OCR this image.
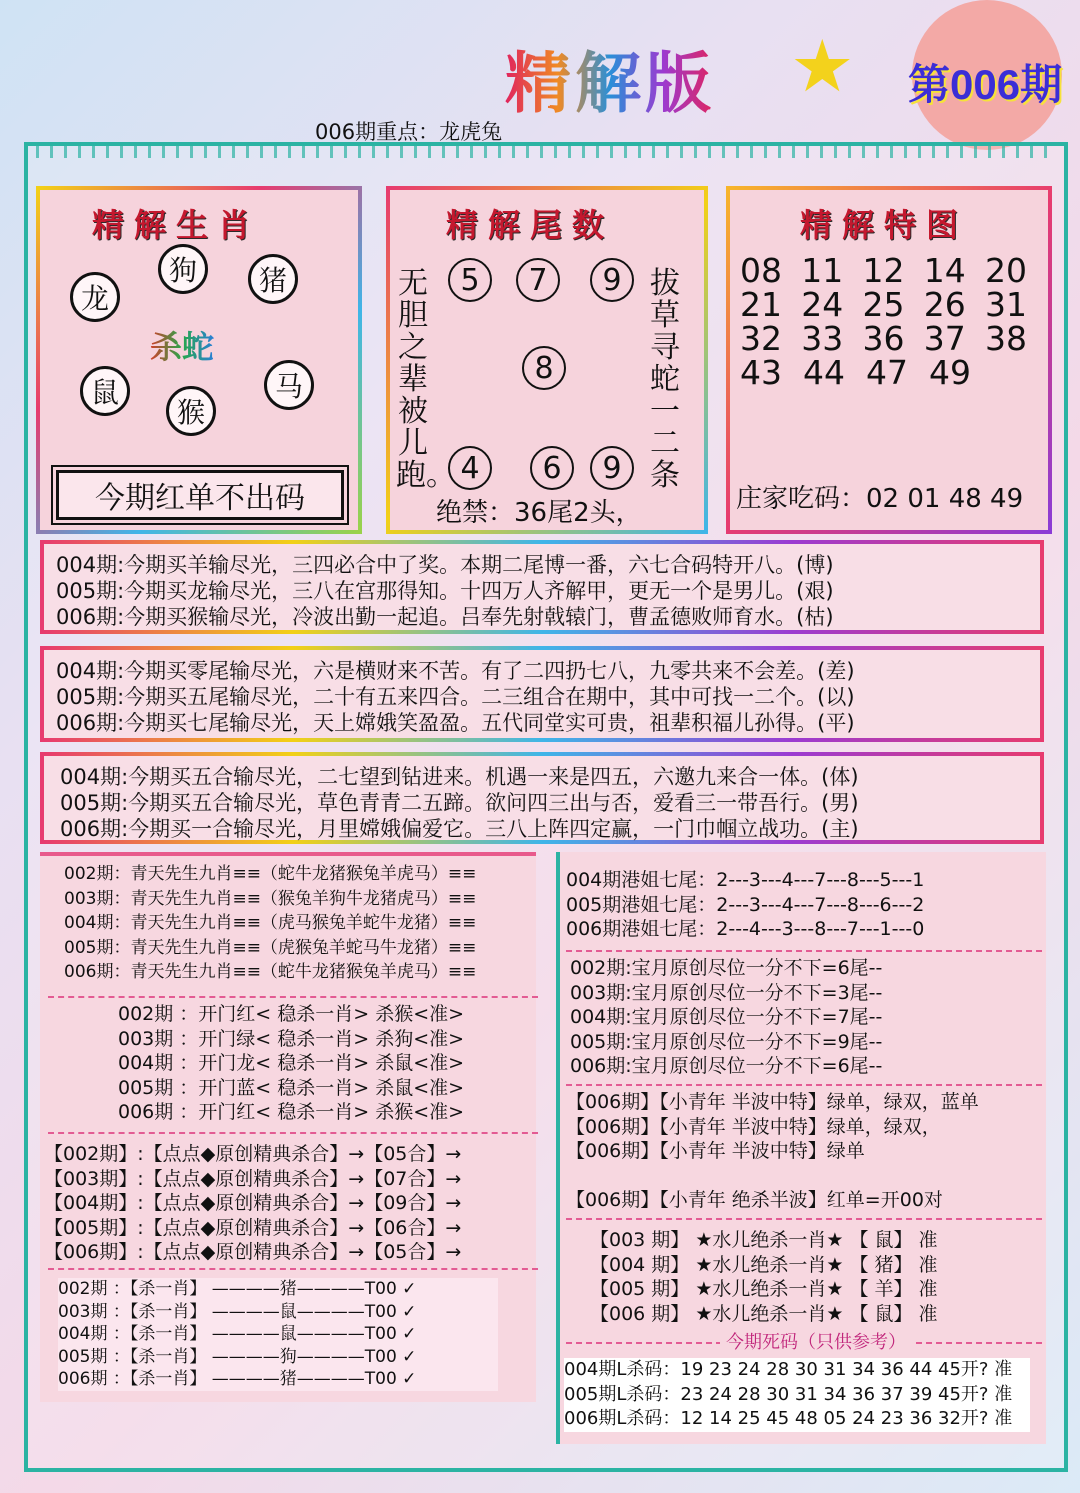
精解版 ★ 第006期
006期重点：龙虎兔
精解生肖
龙
狗	猪
鼠
猴
马
杀蛇
今期红单不出码
精解尾数
无胆之辈被儿跑。
拔草寻蛇一二条
5	7	9
8
4	6	9
绝禁：36尾2头，
精解特图
08 11 12 14 20
21 24 25 26 31
32 33 36 37 38
43 44 47 49
庄家吃码：02 01 48 49
004期:今期买羊输尽光，三四必合中了奖。本期二尾博一番，六七合码特开八。(博)
005期:今期买龙输尽光，三八在宫那得知。十四万人齐解甲，更无一个是男儿。(艰)
006期:今期买猴输尽光，冷波出勤一起追。吕奉先射戟辕门，曹孟德败师育水。(枯)
004期:今期买零尾输尽光，六是横财来不苦。有了二四扔七八，九零共来不会差。(差)
005期:今期买五尾输尽光，二十有五来四合。二三组合在期中，其中可找一二个。(以)
006期:今期买七尾输尽光，天上嫦娥笑盈盈。五代同堂实可贵，祖辈积福儿孙得。(平)
004期:今期买五合输尽光，二七望到钻进来。机遇一来是四五，六邀九来合一体。(体)
005期:今期买五合输尽光，草色青青二五蹄。欲问四三出与否，爱看三一带吾行。(男)
006期:今期买一合输尽光，月里嫦娥偏爱它。三八上阵四定赢，一门巾帼立战功。(主)
002期：青天先生九肖≡≡（蛇牛龙猪猴兔羊虎马）≡≡
003期：青天先生九肖≡≡（猴兔羊狗牛龙猪虎马）≡≡
004期：青天先生九肖≡≡（虎马猴兔羊蛇牛龙猪）≡≡
005期：青天先生九肖≡≡（虎猴兔羊蛇马牛龙猪）≡≡
006期：青天先生九肖≡≡（蛇牛龙猪猴兔羊虎马）≡≡
002期 ：开门红< 稳杀一肖> 杀猴<准>
003期 ：开门绿< 稳杀一肖> 杀狗<准>
004期 ：开门龙< 稳杀一肖> 杀鼠<准>
005期 ：开门蓝< 稳杀一肖> 杀鼠<准>
006期 ：开门红< 稳杀一肖> 杀猴<准>
【002期】:【点点◆原创精典杀合】→【05合】→
【003期】:【点点◆原创精典杀合】→【07合】→
【004期】:【点点◆原创精典杀合】→【09合】→
【005期】:【点点◆原创精典杀合】→【06合】→
【006期】:【点点◆原创精典杀合】→【05合】→
002期 ：【杀一肖】 ————猪————T00 ✓
003期 ：【杀一肖】 ————鼠————T00 ✓
004期 ：【杀一肖】 ————鼠————T00 ✓
005期 ：【杀一肖】 ————狗————T00 ✓
006期 ：【杀一肖】 ————猪————T00 ✓
004期港姐七尾：2---3---4---7---8---5---1
005期港姐七尾：2---3---4---7---8---6---2
006期港姐七尾：2---4---3---8---7---1---0
002期:宝月原创尽位一分不下=6尾--
003期:宝月原创尽位一分不下=3尾--
004期:宝月原创尽位一分不下=7尾--
005期:宝月原创尽位一分不下=9尾--
006期:宝月原创尽位一分不下=6尾--
【006期】【小青年 半波中特】绿单，绿双，蓝单
【006期】【小青年 半波中特】绿单，绿双，
【006期】【小青年 半波中特】绿单
【006期】【小青年 绝杀半波】红单=开00对
【003 期】 ★水儿绝杀一肖★ 【 鼠】 准
【004 期】 ★水儿绝杀一肖★ 【 猪】 准
【005 期】 ★水儿绝杀一肖★ 【 羊】 准
【006 期】 ★水儿绝杀一肖★ 【 鼠】 准
今期死码（只供参考）
004期L杀码：19 23 24 28 30 31 34 36 44 45开? 准
005期L杀码：23 24 28 30 31 34 36 37 39 45开? 准
006期L杀码：12 14 25 45 48 05 24 23 36 32开? 准
